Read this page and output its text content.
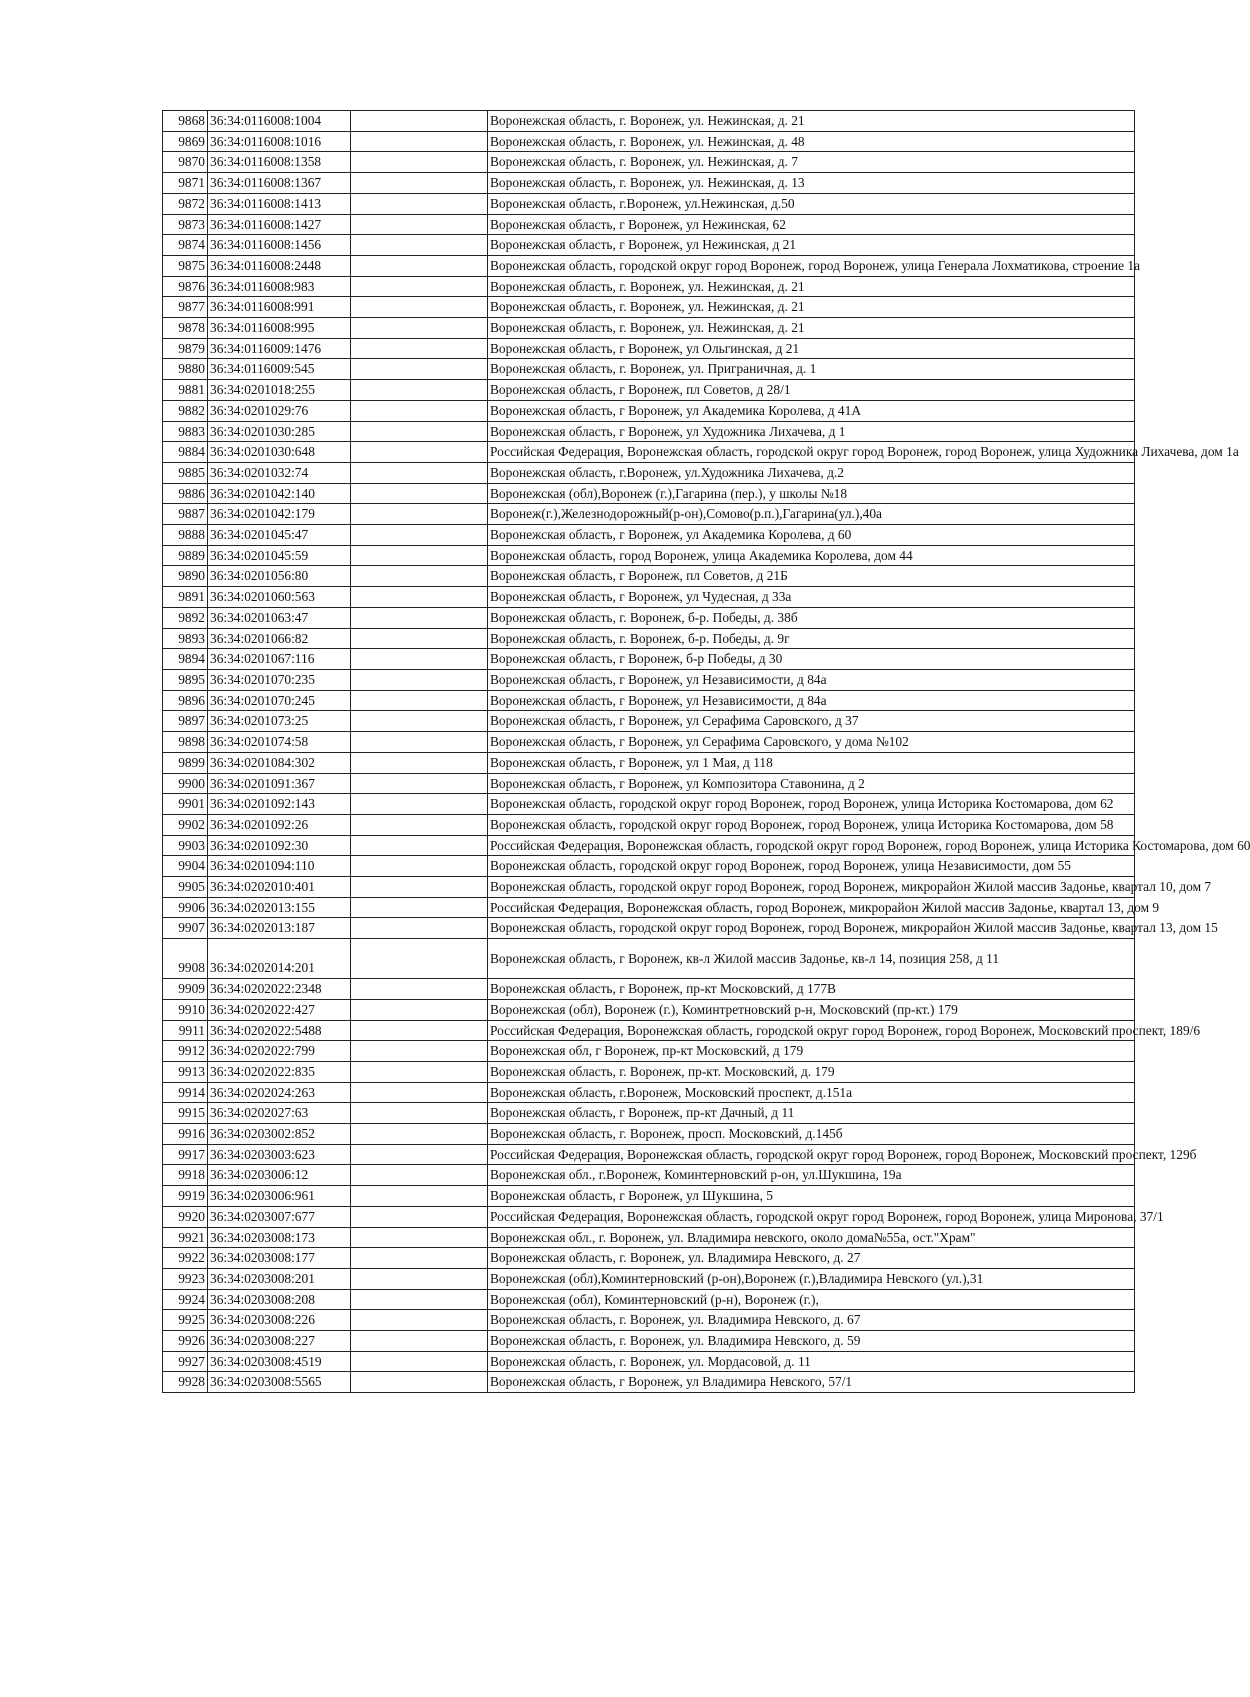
9868	36:34:0116008:1004		Воронежская область, г. Воронеж, ул. Нежинская, д. 21
9869	36:34:0116008:1016		Воронежская область, г. Воронеж, ул. Нежинская, д. 48
9870	36:34:0116008:1358		Воронежская область, г. Воронеж, ул. Нежинская, д. 7
9871	36:34:0116008:1367		Воронежская область, г. Воронеж, ул. Нежинская, д. 13
9872	36:34:0116008:1413		Воронежская область, г.Воронеж, ул.Нежинская, д.50
9873	36:34:0116008:1427		Воронежская область, г Воронеж, ул Нежинская, 62
9874	36:34:0116008:1456		Воронежская область, г Воронеж, ул Нежинская, д 21
9875	36:34:0116008:2448		Воронежская область, городской округ город Воронеж, город Воронеж, улица Генерала Лохматикова, строение 1а
9876	36:34:0116008:983		Воронежская область, г. Воронеж, ул. Нежинская, д. 21
9877	36:34:0116008:991		Воронежская область, г. Воронеж, ул. Нежинская, д. 21
9878	36:34:0116008:995		Воронежская область, г. Воронеж, ул. Нежинская, д. 21
9879	36:34:0116009:1476		Воронежская область, г Воронеж, ул Ольгинская, д 21
9880	36:34:0116009:545		Воронежская область, г. Воронеж, ул. Приграничная, д. 1
9881	36:34:0201018:255		Воронежская область, г Воронеж, пл Советов, д 28/1
9882	36:34:0201029:76		Воронежская область, г Воронеж, ул Академика Королева, д 41А
9883	36:34:0201030:285		Воронежская область, г Воронеж, ул Художника Лихачева, д 1
9884	36:34:0201030:648		Российская Федерация, Воронежская область, городской округ город Воронеж, город Воронеж, улица Художника Лихачева, дом 1а
9885	36:34:0201032:74		Воронежская область, г.Воронеж, ул.Художника Лихачева, д.2
9886	36:34:0201042:140		Воронежская (обл),Воронеж (г.),Гагарина (пер.), у школы №18
9887	36:34:0201042:179		Воронеж(г.),Железнодорожный(р-он),Сомово(р.п.),Гагарина(ул.),40а
9888	36:34:0201045:47		Воронежская область, г Воронеж, ул Академика Королева, д 60
9889	36:34:0201045:59		Воронежская область, город Воронеж, улица Академика Королева, дом 44
9890	36:34:0201056:80		Воронежская область, г Воронеж, пл Советов, д 21Б
9891	36:34:0201060:563		Воронежская область, г Воронеж, ул Чудесная, д 33а
9892	36:34:0201063:47		Воронежская область, г. Воронеж, б-р. Победы, д. 38б
9893	36:34:0201066:82		Воронежская область, г. Воронеж, б-р. Победы, д. 9г
9894	36:34:0201067:116		Воронежская область, г Воронеж, б-р Победы, д 30
9895	36:34:0201070:235		Воронежская область, г Воронеж, ул Независимости, д 84а
9896	36:34:0201070:245		Воронежская область, г Воронеж, ул Независимости, д 84а
9897	36:34:0201073:25		Воронежская область, г Воронеж, ул Серафима Саровского, д 37
9898	36:34:0201074:58		Воронежская область, г Воронеж, ул Серафима Саровского, у дома №102
9899	36:34:0201084:302		Воронежская область, г Воронеж, ул 1 Мая, д 118
9900	36:34:0201091:367		Воронежская область, г Воронеж, ул Композитора Ставонина, д 2
9901	36:34:0201092:143		Воронежская область, городской округ город Воронеж, город Воронеж, улица Историка Костомарова, дом 62
9902	36:34:0201092:26		Воронежская область, городской округ город Воронеж, город Воронеж, улица Историка Костомарова, дом 58
9903	36:34:0201092:30		Российская Федерация, Воронежская область, городской округ город Воронеж, город Воронеж, улица Историка Костомарова, дом 60
9904	36:34:0201094:110		Воронежская область, городской округ город Воронеж, город Воронеж, улица Независимости, дом 55
9905	36:34:0202010:401		Воронежская область, городской округ город Воронеж, город Воронеж, микрорайон Жилой массив Задонье, квартал 10, дом 7
9906	36:34:0202013:155		Российская Федерация, Воронежская область, город Воронеж, микрорайон Жилой массив Задонье, квартал 13, дом 9
9907	36:34:0202013:187		Воронежская область, городской округ город Воронеж, город Воронеж, микрорайон Жилой массив Задонье, квартал 13, дом 15
9908	36:34:0202014:201		Воронежская область, г Воронеж, кв-л Жилой массив Задонье, кв-л 14, позиция 258, д 11
9909	36:34:0202022:2348		Воронежская область, г Воронеж, пр-кт Московский, д 177В
9910	36:34:0202022:427		Воронежская (обл), Воронеж (г.), Коминтретновский р-н, Московский (пр-кт.) 179
9911	36:34:0202022:5488		Российская Федерация, Воронежская область, городской округ город Воронеж, город Воронеж, Московский проспект, 189/6
9912	36:34:0202022:799		Воронежская обл, г Воронеж, пр-кт Московский, д 179
9913	36:34:0202022:835		Воронежская область, г. Воронеж, пр-кт. Московский, д. 179
9914	36:34:0202024:263		Воронежская область, г.Воронеж, Московский проспект, д.151а
9915	36:34:0202027:63		Воронежская область, г Воронеж, пр-кт Дачный, д 11
9916	36:34:0203002:852		Воронежская область, г. Воронеж, просп. Московский, д.145б
9917	36:34:0203003:623		Российская Федерация, Воронежская область, городской округ город Воронеж, город Воронеж, Московский проспект, 129б
9918	36:34:0203006:12		Воронежская обл., г.Воронеж, Коминтерновский р-он, ул.Шукшина, 19а
9919	36:34:0203006:961		Воронежская область, г Воронеж, ул Шукшина, 5
9920	36:34:0203007:677		Российская Федерация, Воронежская область, городской округ город Воронеж, город Воронеж, улица Миронова, 37/1
9921	36:34:0203008:173		Воронежская обл., г. Воронеж, ул. Владимира невского, около дома№55а, ост."Храм"
9922	36:34:0203008:177		Воронежская область, г. Воронеж, ул. Владимира Невского, д. 27
9923	36:34:0203008:201		Воронежская (обл),Коминтерновский (р-он),Воронеж (г.),Владимира Невского (ул.),31
9924	36:34:0203008:208		Воронежская (обл), Коминтерновский (р-н), Воронеж (г.),
9925	36:34:0203008:226		Воронежская область, г. Воронеж, ул. Владимира Невского, д. 67
9926	36:34:0203008:227		Воронежская область, г. Воронеж, ул. Владимира Невского, д. 59
9927	36:34:0203008:4519		Воронежская область, г. Воронеж, ул. Мордасовой, д. 11
9928	36:34:0203008:5565		Воронежская область, г Воронеж, ул Владимира Невского, 57/1
